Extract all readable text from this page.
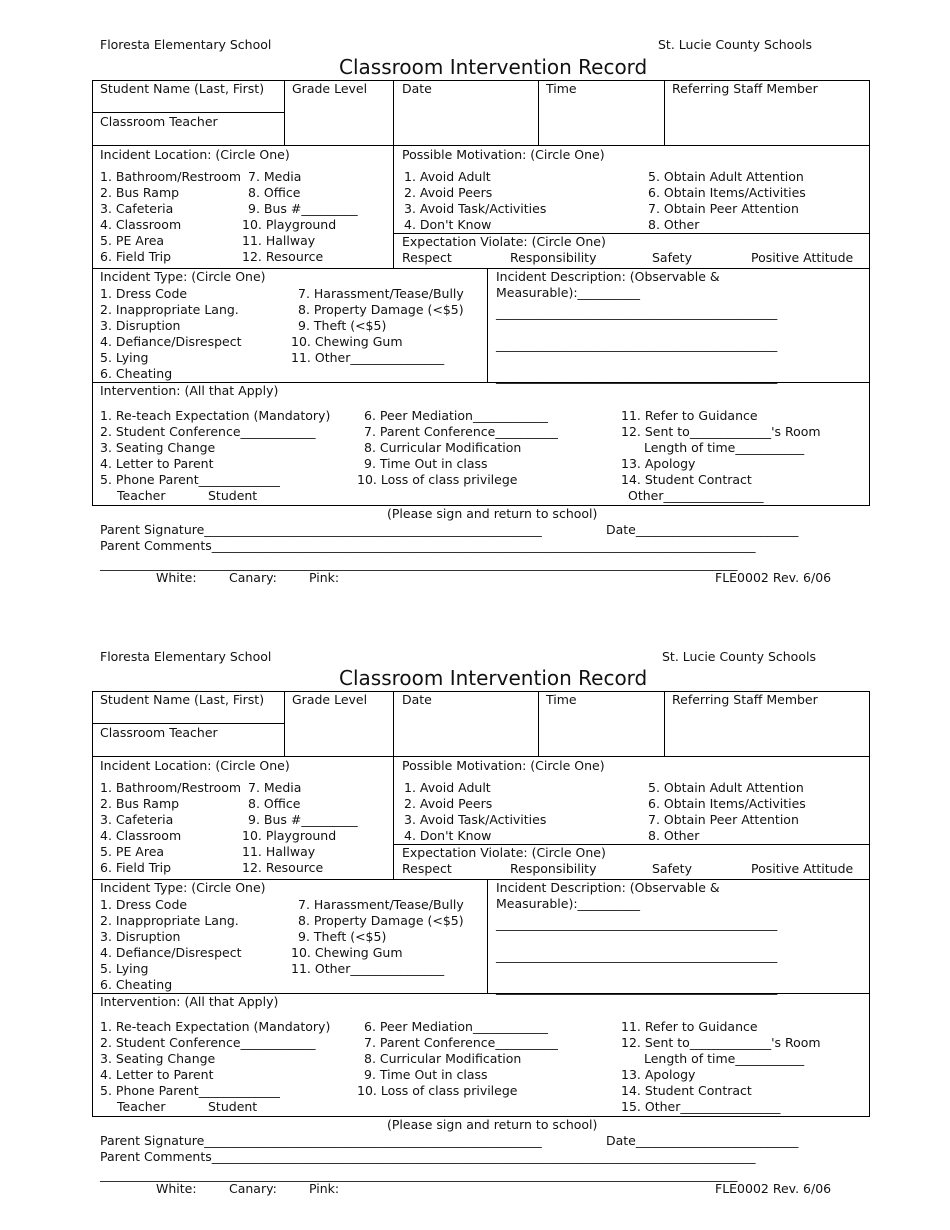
Floresta Elementary School	St. Lucie County Schools
Classroom Intervention Record
Student Name (Last, First)
Classroom Teacher
Grade Level	Date	Time	Referring Staff Member
Incident Location: (Circle One)
1. Bathroom/Restroom
2. Bus Ramp
3. Cafeteria
4. Classroom
5. PE Area
6. Field Trip
7. Media
8. Office
9. Bus #_________
10. Playground
11. Hallway
12. Resource
Possible Motivation: (Circle One)
1. Avoid Adult
2. Avoid Peers
3. Avoid Task/Activities
4. Don't Know
5. Obtain Adult Attention
6. Obtain Items/Activities
7. Obtain Peer Attention
8. Other
Expectation Violate: (Circle One)
Respect	Responsibility	Safety	Positive Attitude
Incident Type: (Circle One)
1. Dress Code
2. Inappropriate Lang.
3. Disruption
4. Defiance/Disrespect
5. Lying
6. Cheating
7. Harassment/Tease/Bully
8. Property Damage (<$5)
9. Theft (<$5)
10. Chewing Gum
11. Other_______________
Incident Description: (Observable &
Measurable):__________
_____________________________________________
_____________________________________________
_____________________________________________
Intervention: (All that Apply)
1. Re-teach Expectation (Mandatory)
2. Student Conference____________
3. Seating Change
4. Letter to Parent
5. Phone Parent_____________
Teacher	Student
6. Peer Mediation____________
7. Parent Conference__________
8. Curricular Modification
9. Time Out in class
10. Loss of class privilege
11. Refer to Guidance
12. Sent to_____________'s Room
Length of time___________
13. Apology
14. Student Contract
Other________________
(Please sign and return to school)
Parent Signature______________________________________________________	Date__________________________
Parent Comments_______________________________________________________________________________________
______________________________________________________________________________________________________
White:	Canary:	Pink:	FLE0002 Rev. 6/06
Floresta Elementary School	St. Lucie County Schools
Classroom Intervention Record
Student Name (Last, First)
Classroom Teacher
Grade Level	Date	Time	Referring Staff Member
Incident Location: (Circle One)
1. Bathroom/Restroom
2. Bus Ramp
3. Cafeteria
4. Classroom
5. PE Area
6. Field Trip
7. Media
8. Office
9. Bus #_________
10. Playground
11. Hallway
12. Resource
Possible Motivation: (Circle One)
1. Avoid Adult
2. Avoid Peers
3. Avoid Task/Activities
4. Don't Know
5. Obtain Adult Attention
6. Obtain Items/Activities
7. Obtain Peer Attention
8. Other
Expectation Violate: (Circle One)
Respect	Responsibility	Safety	Positive Attitude
Incident Type: (Circle One)
1. Dress Code
2. Inappropriate Lang.
3. Disruption
4. Defiance/Disrespect
5. Lying
6. Cheating
7. Harassment/Tease/Bully
8. Property Damage (<$5)
9. Theft (<$5)
10. Chewing Gum
11. Other_______________
Incident Description: (Observable &
Measurable):__________
_____________________________________________
_____________________________________________
_____________________________________________
Intervention: (All that Apply)
1. Re-teach Expectation (Mandatory)
2. Student Conference____________
3. Seating Change
4. Letter to Parent
5. Phone Parent_____________
Teacher	Student
6. Peer Mediation____________
7. Parent Conference__________
8. Curricular Modification
9. Time Out in class
10. Loss of class privilege
11. Refer to Guidance
12. Sent to_____________'s Room
Length of time___________
13. Apology
14. Student Contract
15. Other________________
(Please sign and return to school)
Parent Signature______________________________________________________	Date__________________________
Parent Comments_______________________________________________________________________________________
______________________________________________________________________________________________________
White:	Canary:	Pink:	FLE0002 Rev. 6/06
